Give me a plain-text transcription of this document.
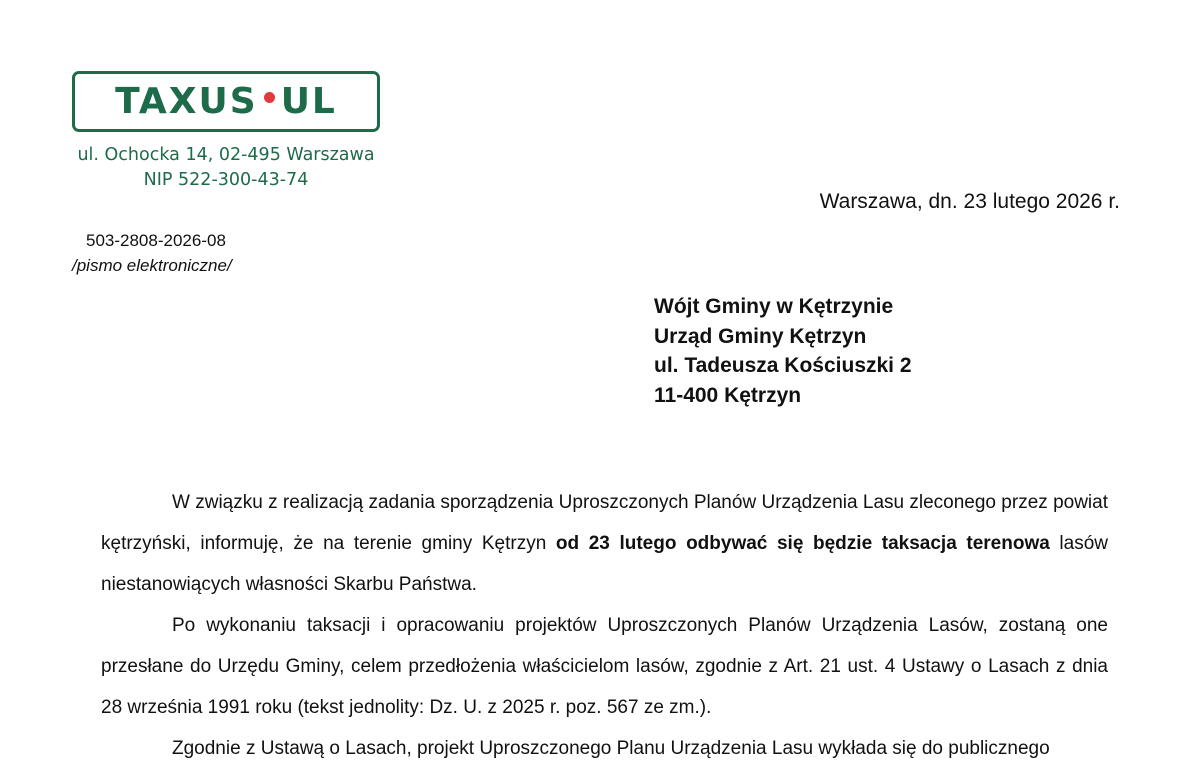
TAXUS UL
ul. Ochocka 14, 02-495 Warszawa
NIP 522-300-43-74
Warszawa, dn. 23 lutego 2026 r.
503-2808-2026-08
/pismo elektroniczne/
Wójt Gminy w Kętrzynie
Urząd Gminy Kętrzyn
ul. Tadeusza Kościuszki 2
11-400 Kętrzyn

W związku z realizacją zadania sporządzenia Uproszczonych Planów Urządzenia Lasu zleconego przez powiat kętrzyński, informuję, że na terenie gminy Kętrzyn od 23 lutego odbywać się będzie taksacja terenowa lasów niestanowiących własności Skarbu Państwa.

Po wykonaniu taksacji i opracowaniu projektów Uproszczonych Planów Urządzenia Lasów, zostaną one przesłane do Urzędu Gminy, celem przedłożenia właścicielom lasów, zgodnie z Art. 21 ust. 4 Ustawy o Lasach z dnia 28 września 1991 roku (tekst jednolity: Dz. U. z 2025 r. poz. 567 ze zm.).

Zgodnie z Ustawą o Lasach, projekt Uproszczonego Planu Urządzenia Lasu wykłada się do publicznego
